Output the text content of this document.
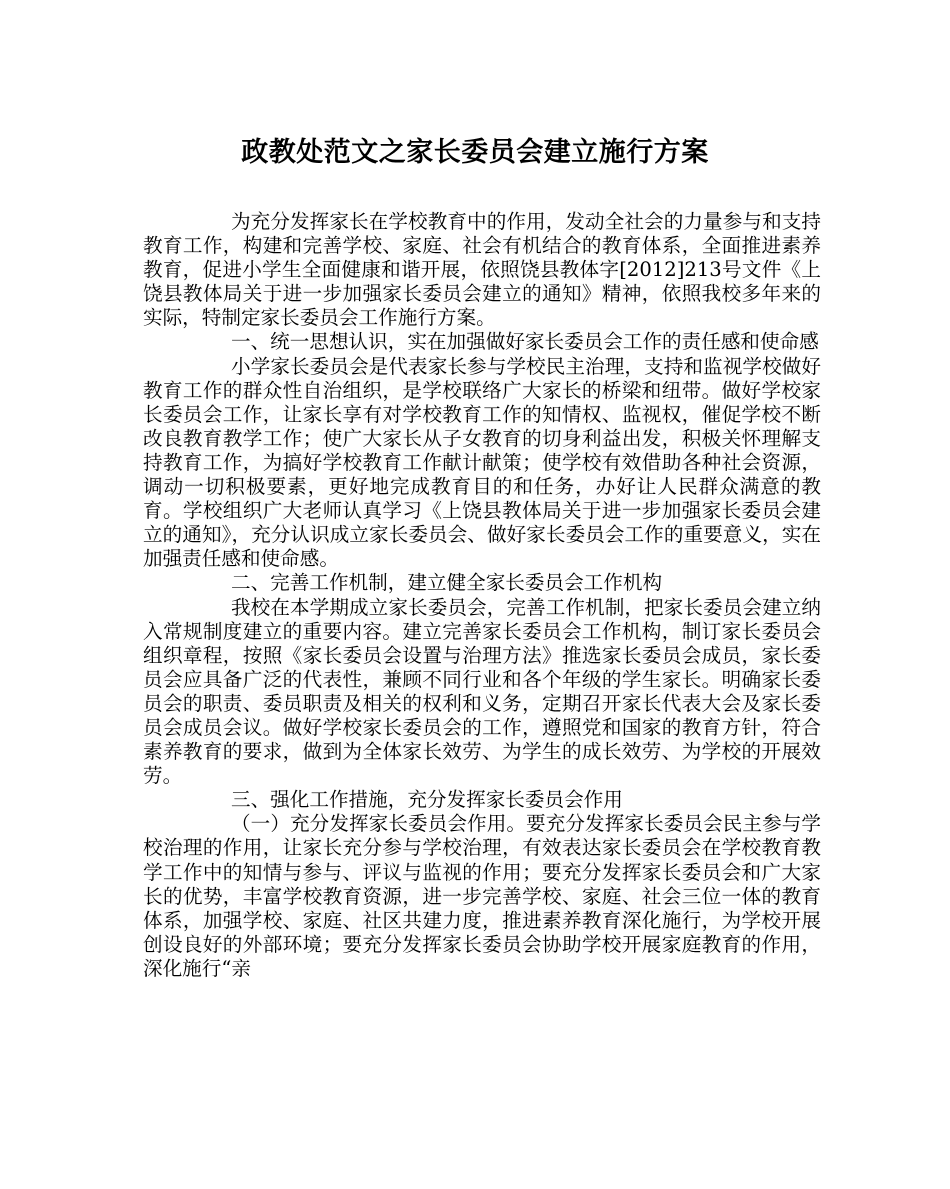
政教处范文之家长委员会建立施行方案

为充分发挥家长在学校教育中的作用，发动全社会的力量参与和支持教育工作，构建和完善学校、家庭、社会有机结合的教育体系，全面推进素养教育，促进小学生全面健康和谐开展，依照饶县教体字[2012]213号文件《上饶县教体局关于进一步加强家长委员会建立的通知》精神，依照我校多年来的实际，特制定家长委员会工作施行方案。

一、统一思想认识，实在加强做好家长委员会工作的责任感和使命感

小学家长委员会是代表家长参与学校民主治理，支持和监视学校做好教育工作的群众性自治组织，是学校联络广大家长的桥梁和纽带。做好学校家长委员会工作，让家长享有对学校教育工作的知情权、监视权，催促学校不断改良教育教学工作；使广大家长从子女教育的切身利益出发，积极关怀理解支持教育工作，为搞好学校教育工作献计献策；使学校有效借助各种社会资源，调动一切积极要素，更好地完成教育目的和任务，办好让人民群众满意的教育。学校组织广大老师认真学习《上饶县教体局关于进一步加强家长委员会建立的通知》，充分认识成立家长委员会、做好家长委员会工作的重要意义，实在加强责任感和使命感。

二、完善工作机制，建立健全家长委员会工作机构

我校在本学期成立家长委员会，完善工作机制，把家长委员会建立纳入常规制度建立的重要内容。建立完善家长委员会工作机构，制订家长委员会组织章程，按照《家长委员会设置与治理方法》推选家长委员会成员，家长委员会应具备广泛的代表性，兼顾不同行业和各个年级的学生家长。明确家长委员会的职责、委员职责及相关的权利和义务，定期召开家长代表大会及家长委员会成员会议。做好学校家长委员会的工作，遵照党和国家的教育方针，符合素养教育的要求，做到为全体家长效劳、为学生的成长效劳、为学校的开展效劳。

三、强化工作措施，充分发挥家长委员会作用

（一）充分发挥家长委员会作用。要充分发挥家长委员会民主参与学校治理的作用，让家长充分参与学校治理，有效表达家长委员会在学校教育教学工作中的知情与参与、评议与监视的作用；要充分发挥家长委员会和广大家长的优势，丰富学校教育资源，进一步完善学校、家庭、社会三位一体的教育体系，加强学校、家庭、社区共建力度，推进素养教育深化施行，为学校开展创设良好的外部环境；要充分发挥家长委员会协助学校开展家庭教育的作用，深化施行“亲
